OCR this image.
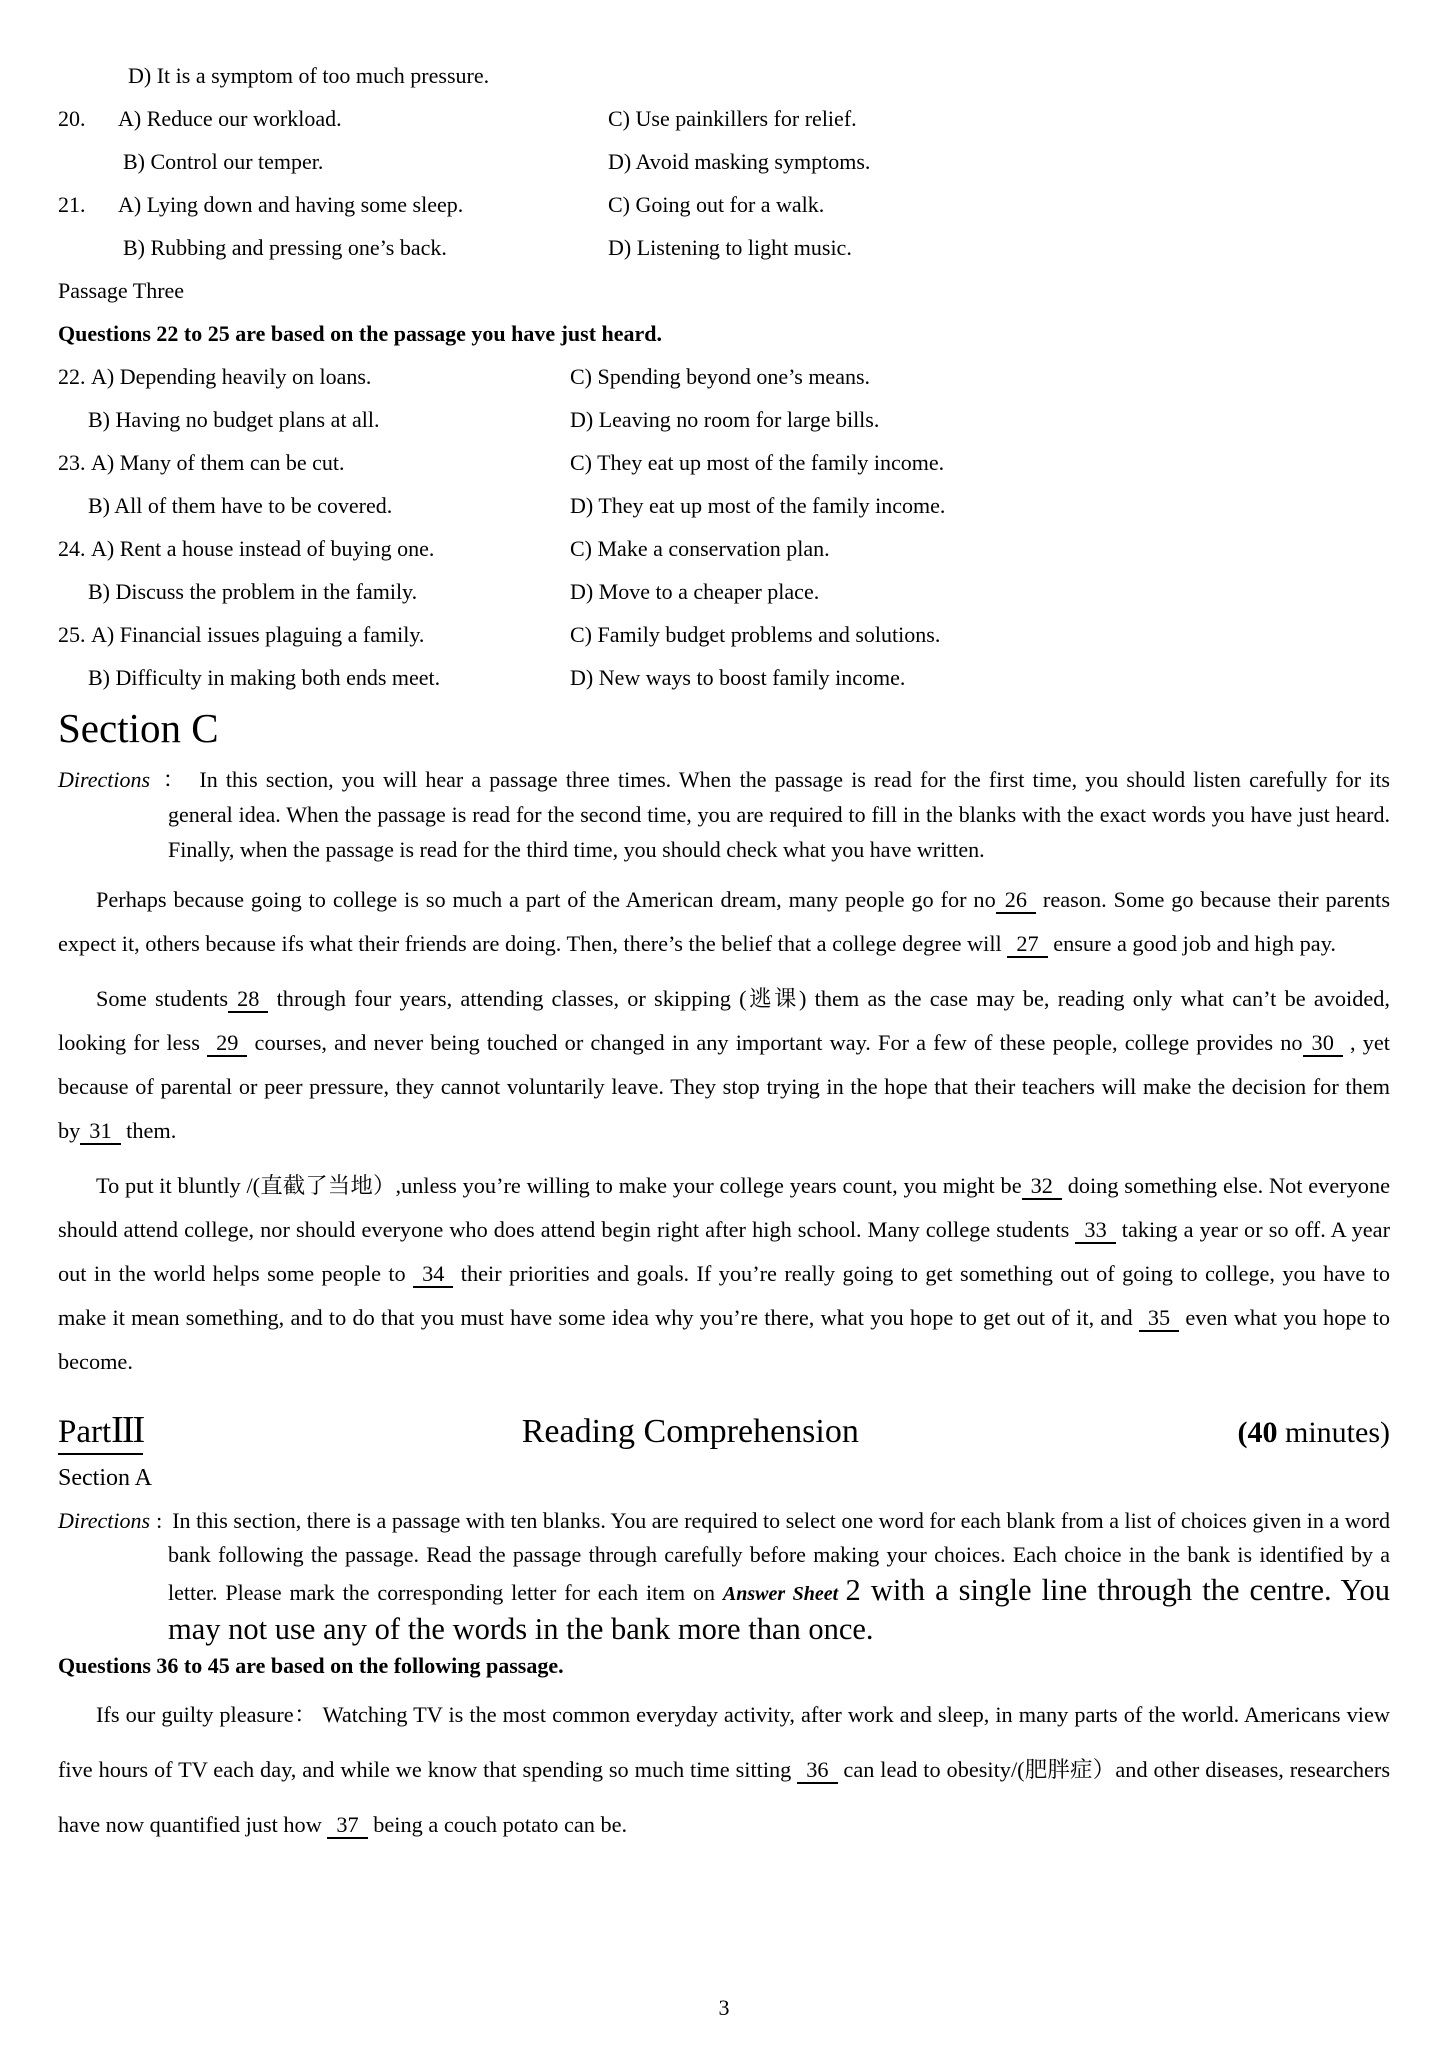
D) It is a symptom of too much pressure.
20.	A) Reduce our workload.	C) Use painkillers for relief.
B) Control our temper.	D) Avoid masking symptoms.
21.	A) Lying down and having some sleep.	C) Going out for a walk.
B) Rubbing and pressing one’s back.	D) Listening to light music.
Passage Three
Questions 22 to 25 are based on the passage you have just heard.
22. A) Depending heavily on loans.	C) Spending beyond one’s means.
B) Having no budget plans at all.	D) Leaving no room for large bills.
23. A) Many of them can be cut.	C) They eat up most of the family income.
B) All of them have to be covered.	D) They eat up most of the family income.
24. A) Rent a house instead of buying one.	C) Make a conservation plan.
B) Discuss the problem in the family.	D) Move to a cheaper place.
25. A) Financial issues plaguing a family.	C) Family budget problems and solutions.
B) Difficulty in making both ends meet.	D) New ways to boost family income.
Section C
Directions ： In this section, you will hear a passage three times. When the passage is read for the first time, you should listen carefully for its general idea. When the passage is read for the second time, you are required to fill in the blanks with the exact words you have just heard. Finally, when the passage is read for the third time, you should check what you have written.

Perhaps because going to college is so much a part of the American dream, many people go for no 26 reason. Some go because their parents expect it, others because ifs what their friends are doing. Then, there’s the belief that a college degree will 27 ensure a good job and high pay.

Some students 28 through four years, attending classes, or skipping (逃课) them as the case may be, reading only what can’t be avoided, looking for less 29 courses, and never being touched or changed in any important way. For a few of these people, college provides no 30 , yet because of parental or peer pressure, they cannot voluntarily leave. They stop trying in the hope that their teachers will make the decision for them by 31 them.

To put it bluntly /(直截了当地）,unless you’re willing to make your college years count, you might be 32 doing something else. Not everyone should attend college, nor should everyone who does attend begin right after high school. Many college students 33 taking a year or so off. A year out in the world helps some people to 34 their priorities and goals. If you’re really going to get something out of going to college, you have to make it mean something, and to do that you must have some idea why you’re there, what you hope to get out of it, and 35 even what you hope to become.

PartIII	Reading Comprehension	(40 minutes)
Section A
Directions : In this section, there is a passage with ten blanks. You are required to select one word for each blank from a list of choices given in a word bank following the passage. Read the passage through carefully before making your choices. Each choice in the bank is identified by a letter. Please mark the corresponding letter for each item on Answer Sheet 2 with a single line through the centre. You may not use any of the words in the bank more than once.
Questions 36 to 45 are based on the following passage.

Ifs our guilty pleasure： Watching TV is the most common everyday activity, after work and sleep, in many parts of the world. Americans view five hours of TV each day, and while we know that spending so much time sitting 36 can lead to obesity/(肥胖症）and other diseases, researchers have now quantified just how 37 being a couch potato can be.

3
